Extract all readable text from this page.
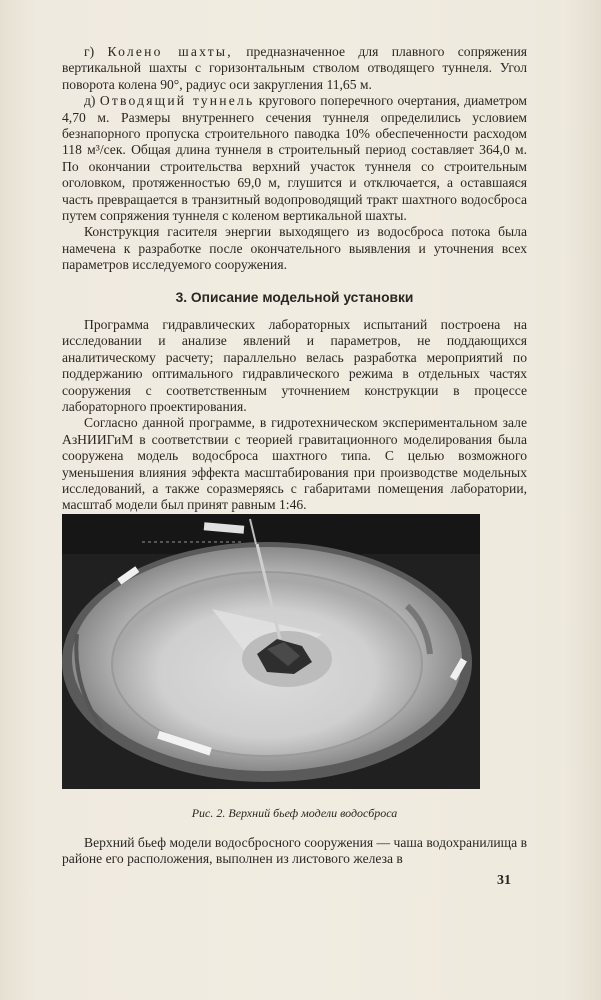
г) Колено шахты, предназначенное для плавного сопряжения вертикальной шахты с горизонтальным стволом отводящего туннеля. Угол поворота колена 90°, радиус оси закругления 11,65 м.

д) Отводящий туннель кругового поперечного очертания, диаметром 4,70 м. Размеры внутреннего сечения туннеля определились условием безнапорного пропуска строительного паводка 10% обеспеченности расходом 118 м³/сек. Общая длина туннеля в строительный период составляет 364,0 м. По окончании строительства верхний участок туннеля со строительным оголовком, протяженностью 69,0 м, глушится и отключается, а оставшаяся часть превращается в транзитный водопроводящий тракт шахтного водосброса путем сопряжения туннеля с коленом вертикальной шахты.

Конструкция гасителя энергии выходящего из водосброса потока была намечена к разработке после окончательного выявления и уточнения всех параметров исследуемого сооружения.

3. Описание модельной установки

Программа гидравлических лабораторных испытаний построена на исследовании и анализе явлений и параметров, не поддающихся аналитическому расчету; параллельно велась разработка мероприятий по поддержанию оптимального гидравлического режима в отдельных частях сооружения с соответственным уточнением конструкции в процессе лабораторного проектирования.

Согласно данной программе, в гидротехническом экспериментальном зале АзНИИГиМ в соответствии с теорией гравитационного моделирования была сооружена модель водосброса шахтного типа. С целью возможного уменьшения влияния эффекта масштабирования при производстве модельных исследований, а также соразмеряясь с габаритами помещения лаборатории, масштаб модели был принят равным 1:46.

Рис. 2. Верхний бьеф модели водосброса

Верхний бьеф модели водосбросного сооружения — чаша водохранилища в районе его расположения, выполнен из листового железа в

31
